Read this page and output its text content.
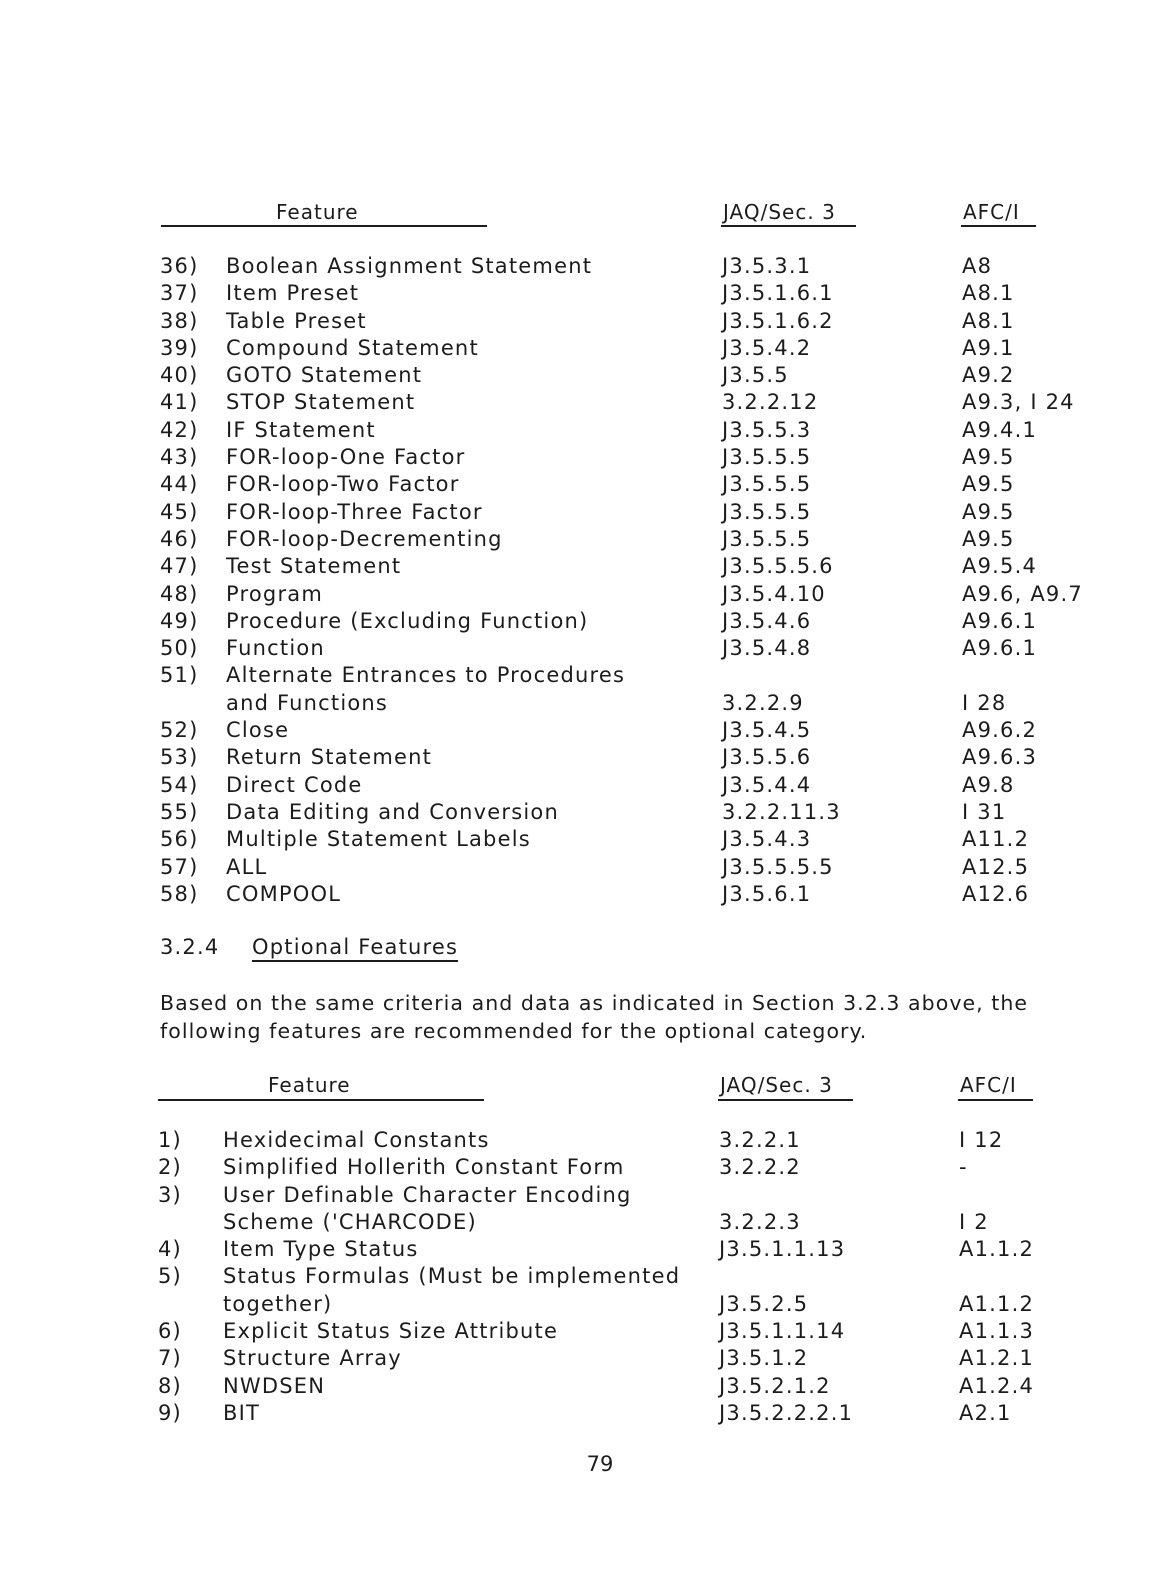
Feature	JAQ/Sec. 3	AFC/I
36) Boolean Assignment Statement	J3.5.3.1	A8
37) Item Preset	J3.5.1.6.1	A8.1
38) Table Preset	J3.5.1.6.2	A8.1
39) Compound Statement	J3.5.4.2	A9.1
40) GOTO Statement	J3.5.5	A9.2
41) STOP Statement	3.2.2.12	A9.3, I 24
42) IF Statement	J3.5.5.3	A9.4.1
43) FOR-loop-One Factor	J3.5.5.5	A9.5
44) FOR-loop-Two Factor	J3.5.5.5	A9.5
45) FOR-loop-Three Factor	J3.5.5.5	A9.5
46) FOR-loop-Decrementing	J3.5.5.5	A9.5
47) Test Statement	J3.5.5.5.6	A9.5.4
48) Program	J3.5.4.10	A9.6, A9.7
49) Procedure (Excluding Function)	J3.5.4.6	A9.6.1
50) Function	J3.5.4.8	A9.6.1
51) Alternate Entrances to Procedures
and Functions	3.2.2.9	I 28
52) Close	J3.5.4.5	A9.6.2
53) Return Statement	J3.5.5.6	A9.6.3
54) Direct Code	J3.5.4.4	A9.8
55) Data Editing and Conversion	3.2.2.11.3	I 31
56) Multiple Statement Labels	J3.5.4.3	A11.2
57) ALL	J3.5.5.5.5	A12.5
58) COMPOOL	J3.5.6.1	A12.6
3.2.4 Optional Features
Based on the same criteria and data as indicated in Section 3.2.3 above, the following features are recommended for the optional category.
Feature	JAQ/Sec. 3	AFC/I
1) Hexidecimal Constants	3.2.2.1	I 12
2) Simplified Hollerith Constant Form	3.2.2.2	-
3) User Definable Character Encoding
Scheme ('CHARCODE)	3.2.2.3	I 2
4) Item Type Status	J3.5.1.1.13	A1.1.2
5) Status Formulas (Must be implemented
together)	J3.5.2.5	A1.1.2
6) Explicit Status Size Attribute	J3.5.1.1.14	A1.1.3
7) Structure Array	J3.5.1.2	A1.2.1
8) NWDSEN	J3.5.2.1.2	A1.2.4
9) BIT	J3.5.2.2.2.1	A2.1
79
